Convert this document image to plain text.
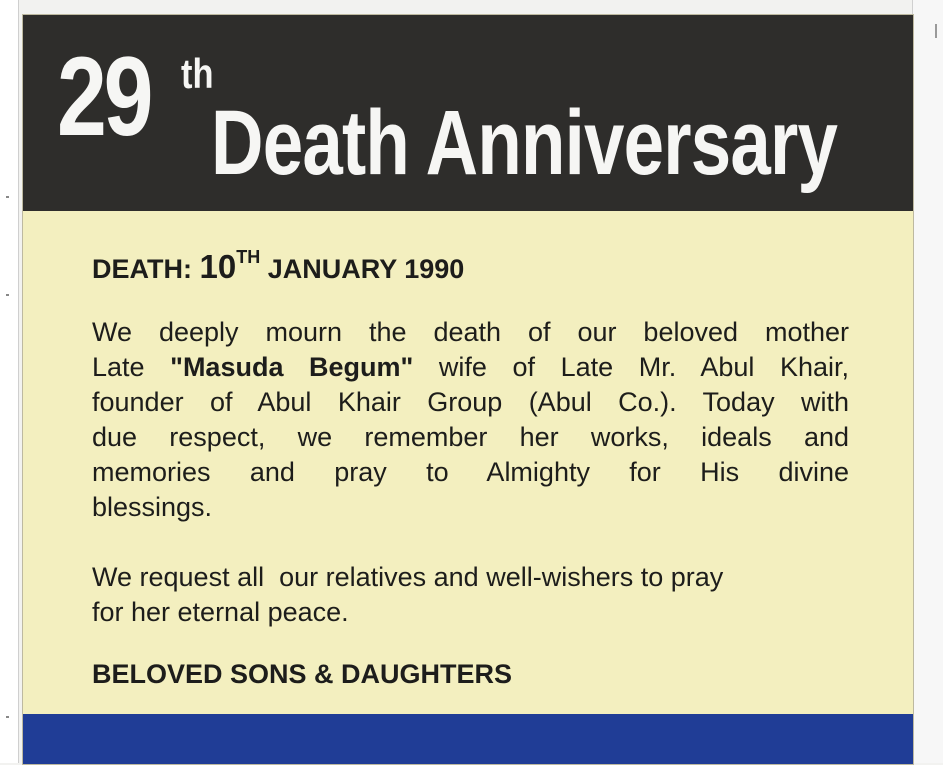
29 th
Death Anniversary
DEATH: 10TH JANUARY 1990
We deeply mourn the death of our beloved mother
Late "Masuda Begum" wife of Late Mr. Abul Khair,
founder of Abul Khair Group (Abul Co.). Today with
due respect, we remember her works, ideals and
memories and pray to Almighty for His divine
blessings.
We request all  our relatives and well-wishers to pray
for her eternal peace.
BELOVED SONS & DAUGHTERS
